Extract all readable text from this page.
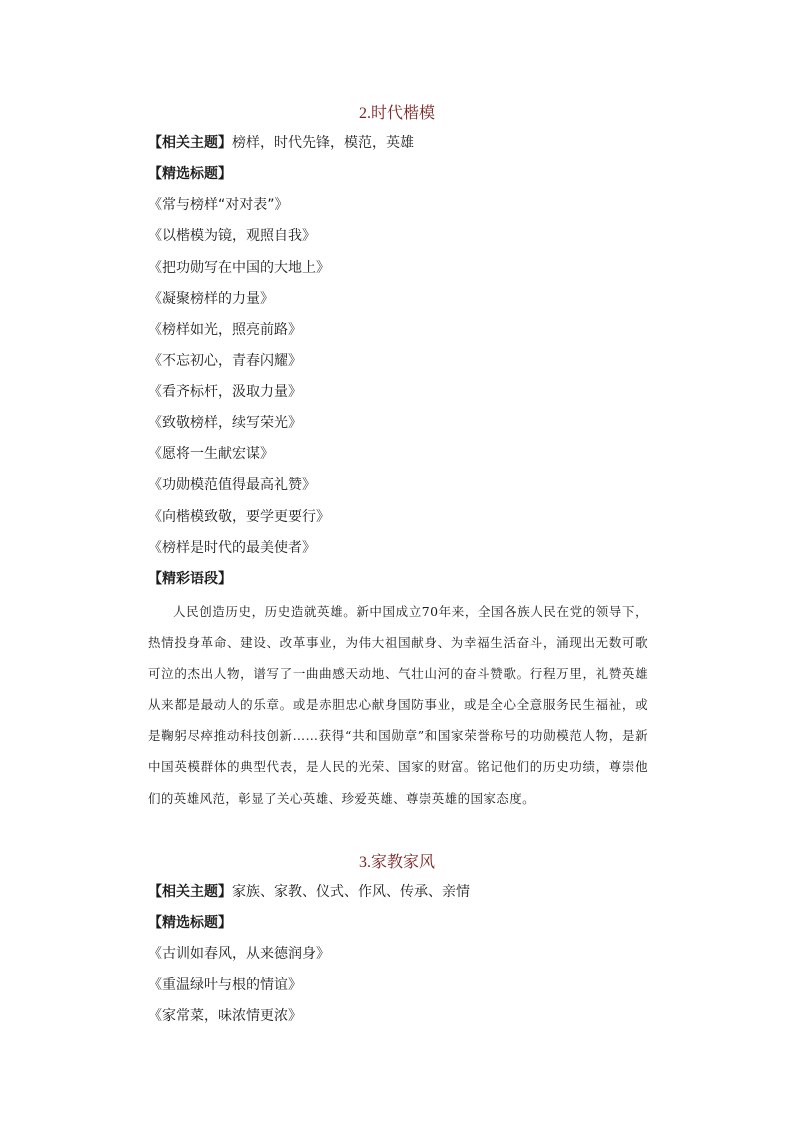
2.时代楷模
【相关主题】榜样，时代先锋，模范，英雄
【精选标题】
《常与榜样“对对表”》
《以楷模为镜，观照自我》
《把功勋写在中国的大地上》
《凝聚榜样的力量》
《榜样如光，照亮前路》
《不忘初心，青春闪耀》
《看齐标杆，汲取力量》
《致敬榜样，续写荣光》
《愿将一生献宏谋》
《功勋模范值得最高礼赞》
《向楷模致敬，要学更要行》
《榜样是时代的最美使者》
【精彩语段】
人民创造历史，历史造就英雄。新中国成立70年来，全国各族人民在党的领导下，热情投身革命、建设、改革事业，为伟大祖国献身、为幸福生活奋斗，涌现出无数可歌可泣的杰出人物，谱写了一曲曲感天动地、气壮山河的奋斗赞歌。行程万里，礼赞英雄从来都是最动人的乐章。或是赤胆忠心献身国防事业，或是全心全意服务民生福祉，或是鞠躬尽瘁推动科技创新……获得“共和国勋章”和国家荣誉称号的功勋模范人物，是新中国英模群体的典型代表，是人民的光荣、国家的财富。铭记他们的历史功绩，尊崇他们的英雄风范，彰显了关心英雄、珍爱英雄、尊崇英雄的国家态度。
3.家教家风
【相关主题】家族、家教、仪式、作风、传承、亲情
【精选标题】
《古训如春风，从来德润身》
《重温绿叶与根的情谊》
《家常菜，味浓情更浓》
